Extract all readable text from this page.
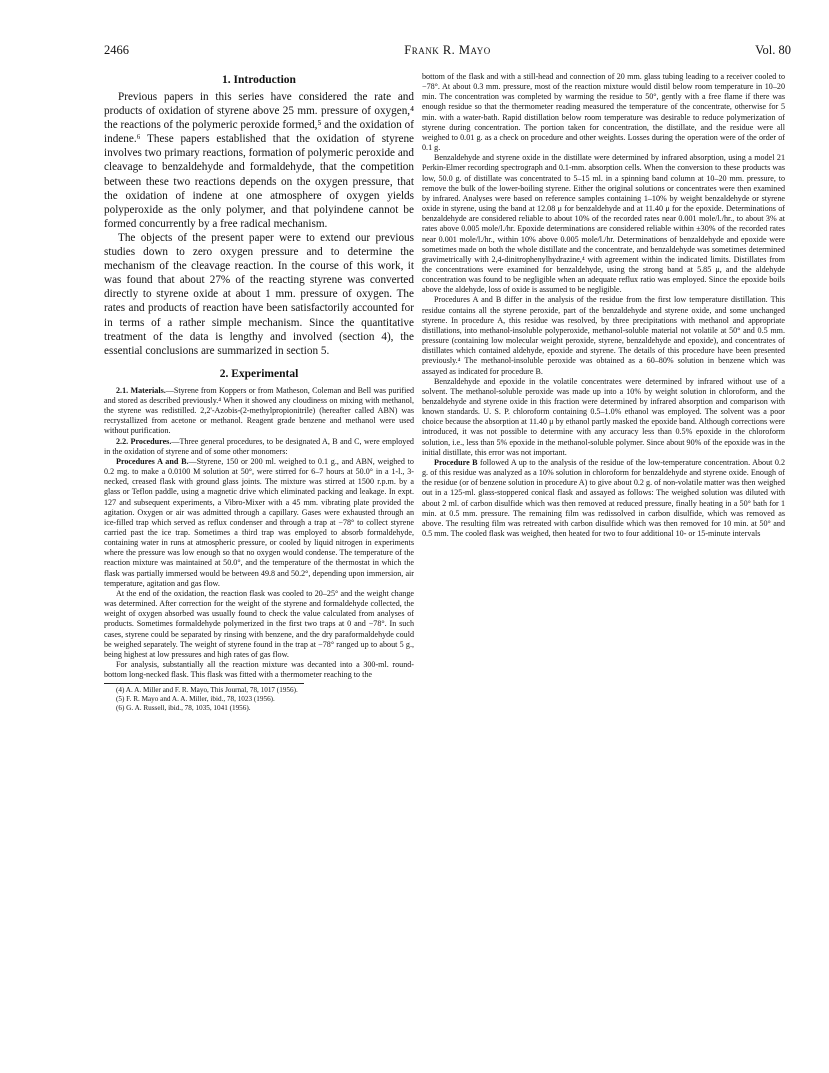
2466	Frank R. Mayo	Vol. 80
1. Introduction

Previous papers in this series have considered the rate and products of oxidation of styrene above 25 mm. pressure of oxygen,⁴ the reactions of the polymeric peroxide formed,⁵ and the oxidation of indene.⁶ These papers established that the oxidation of styrene involves two primary reactions, formation of polymeric peroxide and cleavage to benzaldehyde and formaldehyde, that the competition between these two reactions depends on the oxygen pressure, that the oxidation of indene at one atmosphere of oxygen yields polyperoxide as the only polymer, and that polyindene cannot be formed concurrently by a free radical mechanism.

The objects of the present paper were to extend our previous studies down to zero oxygen pressure and to determine the mechanism of the cleavage reaction. In the course of this work, it was found that about 27% of the reacting styrene was converted directly to styrene oxide at about 1 mm. pressure of oxygen. The rates and products of reaction have been satisfactorily accounted for in terms of a rather simple mechanism. Since the quantitative treatment of the data is lengthy and involved (section 4), the essential conclusions are summarized in section 5.

2. Experimental

2.1. Materials.—Styrene from Koppers or from Matheson, Coleman and Bell was purified and stored as described previously.⁴ When it showed any cloudiness on mixing with methanol, the styrene was redistilled. 2,2'-Azobis-(2-methylpropionitrile) (hereafter called ABN) was recrystallized from acetone or methanol. Reagent grade benzene and methanol were used without purification.

2.2. Procedures.—Three general procedures, to be designated A, B and C, were employed in the oxidation of styrene and of some other monomers:

Procedures A and B.—Styrene, 150 or 200 ml. weighed to 0.1 g., and ABN, weighed to 0.2 mg. to make a 0.0100 M solution at 50°, were stirred for 6–7 hours at 50.0° in a 1-l., 3-necked, creased flask with ground glass joints. The mixture was stirred at 1500 r.p.m. by a glass or Teflon paddle, using a magnetic drive which eliminated packing and leakage. In expt. 127 and subsequent experiments, a Vibro-Mixer with a 45 mm. vibrating plate provided the agitation. Oxygen or air was admitted through a capillary. Gases were exhausted through an ice-filled trap which served as reflux condenser and through a trap at −78° to collect styrene carried past the ice trap. Sometimes a third trap was employed to absorb formaldehyde, containing water in runs at atmospheric pressure, or cooled by liquid nitrogen in experiments where the pressure was low enough so that no oxygen would condense. The temperature of the reaction mixture was maintained at 50.0°, and the temperature of the thermostat in which the flask was partially immersed would be between 49.8 and 50.2°, depending upon immersion, air temperature, agitation and gas flow.

At the end of the oxidation, the reaction flask was cooled to 20–25° and the weight change was determined. After correction for the weight of the styrene and formaldehyde collected, the weight of oxygen absorbed was usually found to check the value calculated from analyses of products. Sometimes formaldehyde polymerized in the first two traps at 0 and −78°. In such cases, styrene could be separated by rinsing with benzene, and the dry paraformaldehyde could be weighed separately. The weight of styrene found in the trap at −78° ranged up to about 5 g., being highest at low pressures and high rates of gas flow.

For analysis, substantially all the reaction mixture was decanted into a 300-ml. round-bottom long-necked flask. This flask was fitted with a thermometer reaching to the

(4) A. A. Miller and F. R. Mayo, This Journal, 78, 1017 (1956).

(5) F. R. Mayo and A. A. Miller, ibid., 78, 1023 (1956).

(6) G. A. Russell, ibid., 78, 1035, 1041 (1956).

bottom of the flask and with a still-head and connection of 20 mm. glass tubing leading to a receiver cooled to −78°. At about 0.3 mm. pressure, most of the reaction mixture would distil below room temperature in 10–20 min. The concentration was completed by warming the residue to 50°, gently with a free flame if there was enough residue so that the thermometer reading measured the temperature of the concentrate, otherwise for 5 min. with a water-bath. Rapid distillation below room temperature was desirable to reduce polymerization of styrene during concentration. The portion taken for concentration, the distillate, and the residue were all weighed to 0.01 g. as a check on procedure and other weights. Losses during the operation were of the order of 0.1 g.

Benzaldehyde and styrene oxide in the distillate were determined by infrared absorption, using a model 21 Perkin-Elmer recording spectrograph and 0.1-mm. absorption cells. When the conversion to these products was low, 50.0 g. of distillate was concentrated to 5–15 ml. in a spinning band column at 10–20 mm. pressure, to remove the bulk of the lower-boiling styrene. Either the original solutions or concentrates were then examined by infrared. Analyses were based on reference samples containing 1–10% by weight benzaldehyde or styrene oxide in styrene, using the band at 12.08 μ for benzaldehyde and at 11.40 μ for the epoxide. Determinations of benzaldehyde are considered reliable to about 10% of the recorded rates near 0.001 mole/l./hr., to about 3% at rates above 0.005 mole/l./hr. Epoxide determinations are considered reliable within ±30% of the recorded rates near 0.001 mole/l./hr., within 10% above 0.005 mole/l./hr. Determinations of benzaldehyde and epoxide were sometimes made on both the whole distillate and the concentrate, and benzaldehyde was sometimes determined gravimetrically with 2,4-dinitrophenylhydrazine,⁴ with agreement within the indicated limits. Distillates from the concentrations were examined for benzaldehyde, using the strong band at 5.85 μ, and the aldehyde concentration was found to be negligible when an adequate reflux ratio was employed. Since the epoxide boils above the aldehyde, loss of oxide is assumed to be negligible.

Procedures A and B differ in the analysis of the residue from the first low temperature distillation. This residue contains all the styrene peroxide, part of the benzaldehyde and styrene oxide, and some unchanged styrene. In procedure A, this residue was resolved, by three precipitations with methanol and appropriate distillations, into methanol-insoluble polyperoxide, methanol-soluble material not volatile at 50° and 0.5 mm. pressure (containing low molecular weight peroxide, styrene, benzaldehyde and epoxide), and concentrates of distillates which contained aldehyde, epoxide and styrene. The details of this procedure have been presented previously.⁴ The methanol-insoluble peroxide was obtained as a 60–80% solution in benzene which was assayed as indicated for procedure B.

Benzaldehyde and epoxide in the volatile concentrates were determined by infrared without use of a solvent. The methanol-soluble peroxide was made up into a 10% by weight solution in chloroform, and the benzaldehyde and styrene oxide in this fraction were determined by infrared absorption and comparison with known standards. U. S. P. chloroform containing 0.5–1.0% ethanol was employed. The solvent was a poor choice because the absorption at 11.40 μ by ethanol partly masked the epoxide band. Although corrections were introduced, it was not possible to determine with any accuracy less than 0.5% epoxide in the chloroform solution, i.e., less than 5% epoxide in the methanol-soluble polymer. Since about 90% of the epoxide was in the initial distillate, this error was not important.

Procedure B followed A up to the analysis of the residue of the low-temperature concentration. About 0.2 g. of this residue was analyzed as a 10% solution in chloroform for benzaldehyde and styrene oxide. Enough of the residue (or of benzene solution in procedure A) to give about 0.2 g. of non-volatile matter was then weighed out in a 125-ml. glass-stoppered conical flask and assayed as follows: The weighed solution was diluted with about 2 ml. of carbon disulfide which was then removed at reduced pressure, finally heating in a 50° bath for 1 min. at 0.5 mm. pressure. The remaining film was redissolved in carbon disulfide, which was removed as above. The resulting film was retreated with carbon disulfide which was then removed for 10 min. at 50° and 0.5 mm. The cooled flask was weighed, then heated for two to four additional 10- or 15-minute intervals
